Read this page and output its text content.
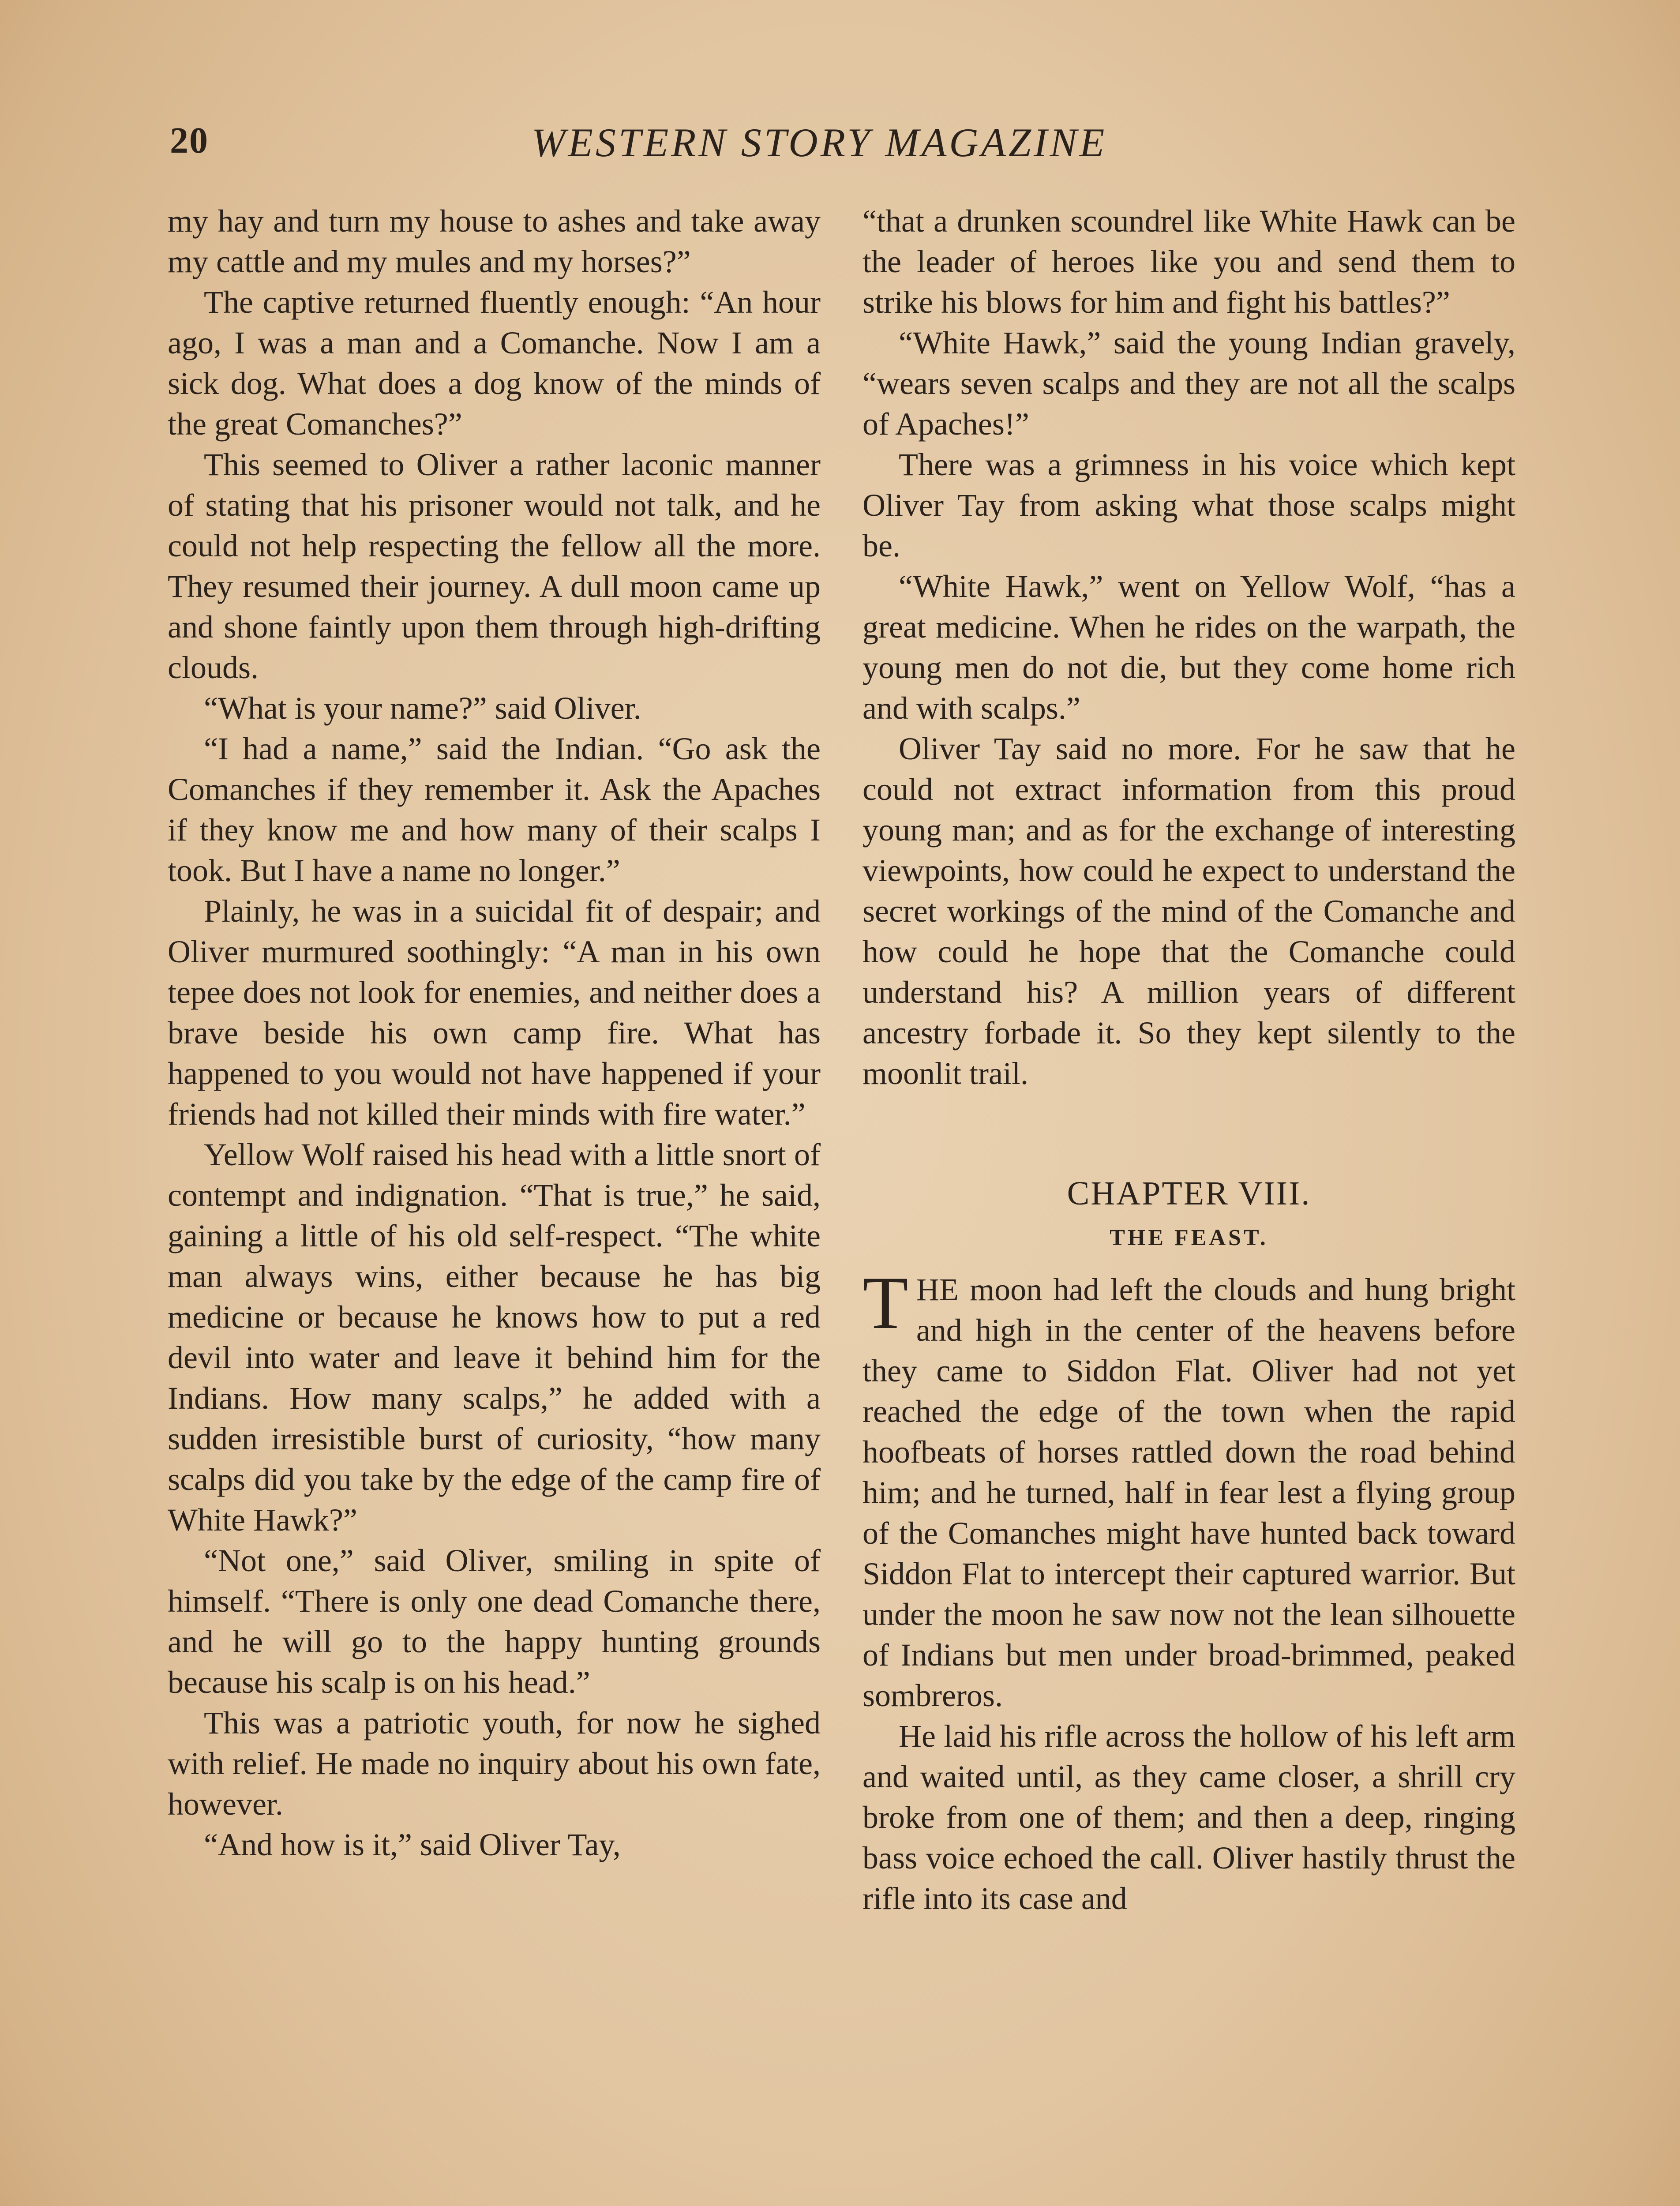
20	WESTERN STORY MAGAZINE

my hay and turn my house to ashes and take away my cattle and my mules and my horses?”

The captive returned fluently enough: “An hour ago, I was a man and a Comanche. Now I am a sick dog. What does a dog know of the minds of the great Comanches?”

This seemed to Oliver a rather laconic manner of stating that his prisoner would not talk, and he could not help respecting the fellow all the more. They resumed their journey. A dull moon came up and shone faintly upon them through high-drifting clouds.

“What is your name?” said Oliver.

“I had a name,” said the Indian. “Go ask the Comanches if they remember it. Ask the Apaches if they know me and how many of their scalps I took. But I have a name no longer.”

Plainly, he was in a suicidal fit of despair; and Oliver murmured soothingly: “A man in his own tepee does not look for enemies, and neither does a brave beside his own camp fire. What has happened to you would not have happened if your friends had not killed their minds with fire water.”

Yellow Wolf raised his head with a little snort of contempt and indignation. “That is true,” he said, gaining a little of his old self-respect. “The white man always wins, either because he has big medicine or because he knows how to put a red devil into water and leave it behind him for the Indians. How many scalps,” he added with a sudden irresistible burst of curiosity, “how many scalps did you take by the edge of the camp fire of White Hawk?”

“Not one,” said Oliver, smiling in spite of himself. “There is only one dead Comanche there, and he will go to the happy hunting grounds because his scalp is on his head.”

This was a patriotic youth, for now he sighed with relief. He made no inquiry about his own fate, however.

“And how is it,” said Oliver Tay,

“that a drunken scoundrel like White Hawk can be the leader of heroes like you and send them to strike his blows for him and fight his battles?”

“White Hawk,” said the young Indian gravely, “wears seven scalps and they are not all the scalps of Apaches!”

There was a grimness in his voice which kept Oliver Tay from asking what those scalps might be.

“White Hawk,” went on Yellow Wolf, “has a great medicine. When he rides on the warpath, the young men do not die, but they come home rich and with scalps.”

Oliver Tay said no more. For he saw that he could not extract information from this proud young man; and as for the exchange of interesting viewpoints, how could he expect to understand the secret workings of the mind of the Comanche and how could he hope that the Comanche could understand his? A million years of different ancestry forbade it. So they kept silently to the moonlit trail.

CHAPTER VIII.
THE FEAST.

THE moon had left the clouds and hung bright and high in the center of the heavens before they came to Siddon Flat. Oliver had not yet reached the edge of the town when the rapid hoofbeats of horses rattled down the road behind him; and he turned, half in fear lest a flying group of the Comanches might have hunted back toward Siddon Flat to intercept their captured warrior. But under the moon he saw now not the lean silhouette of Indians but men under broad-brimmed, peaked sombreros.

He laid his rifle across the hollow of his left arm and waited until, as they came closer, a shrill cry broke from one of them; and then a deep, ringing bass voice echoed the call. Oliver hastily thrust the rifle into its case and
